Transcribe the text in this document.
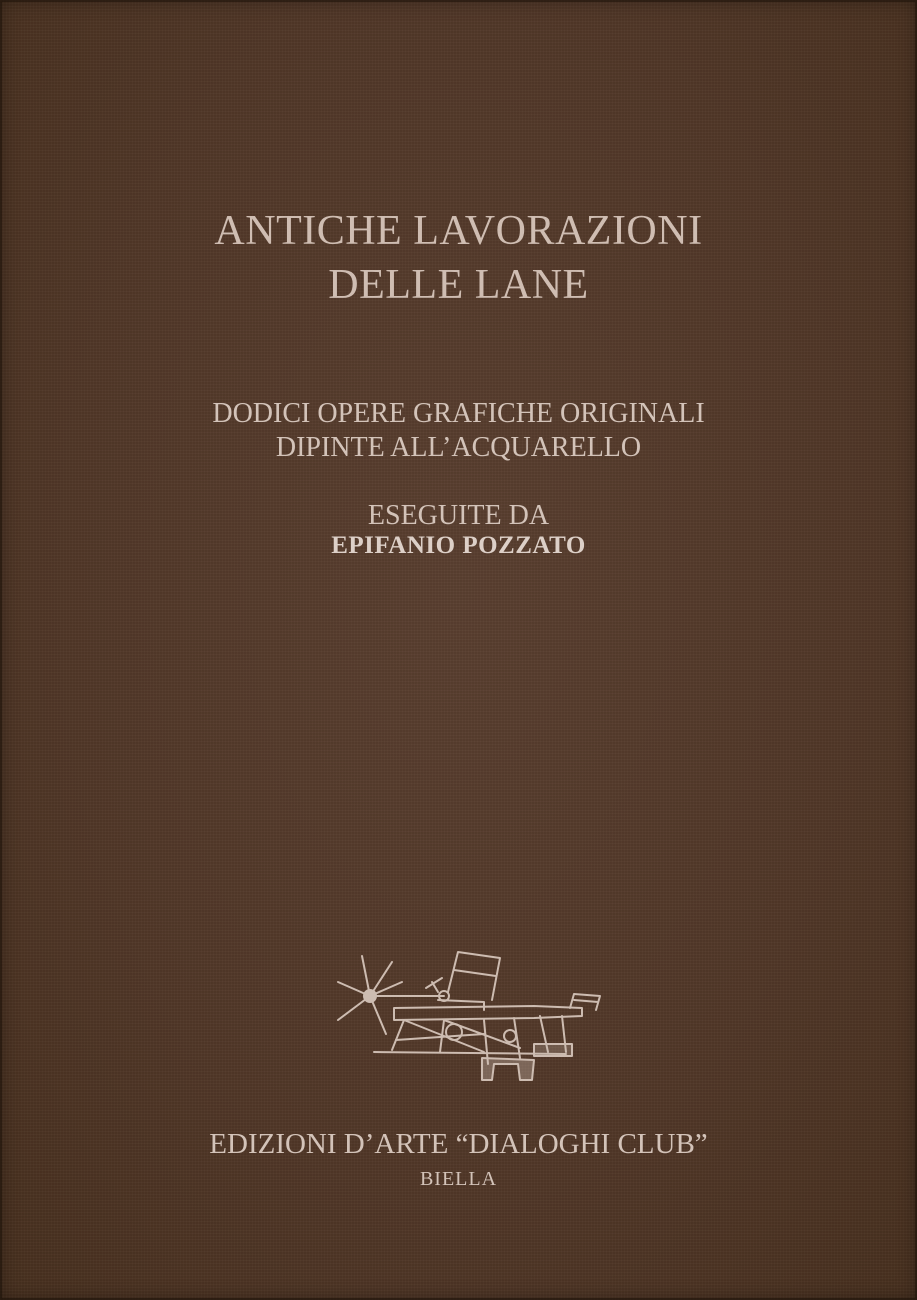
ANTICHE LAVORAZIONI
DELLE LANE
DODICI OPERE GRAFICHE ORIGINALI
DIPINTE ALL’ACQUARELLO
ESEGUITE DA
EPIFANIO POZZATO
EDIZIONI D’ARTE “DIALOGHI CLUB”
BIELLA
